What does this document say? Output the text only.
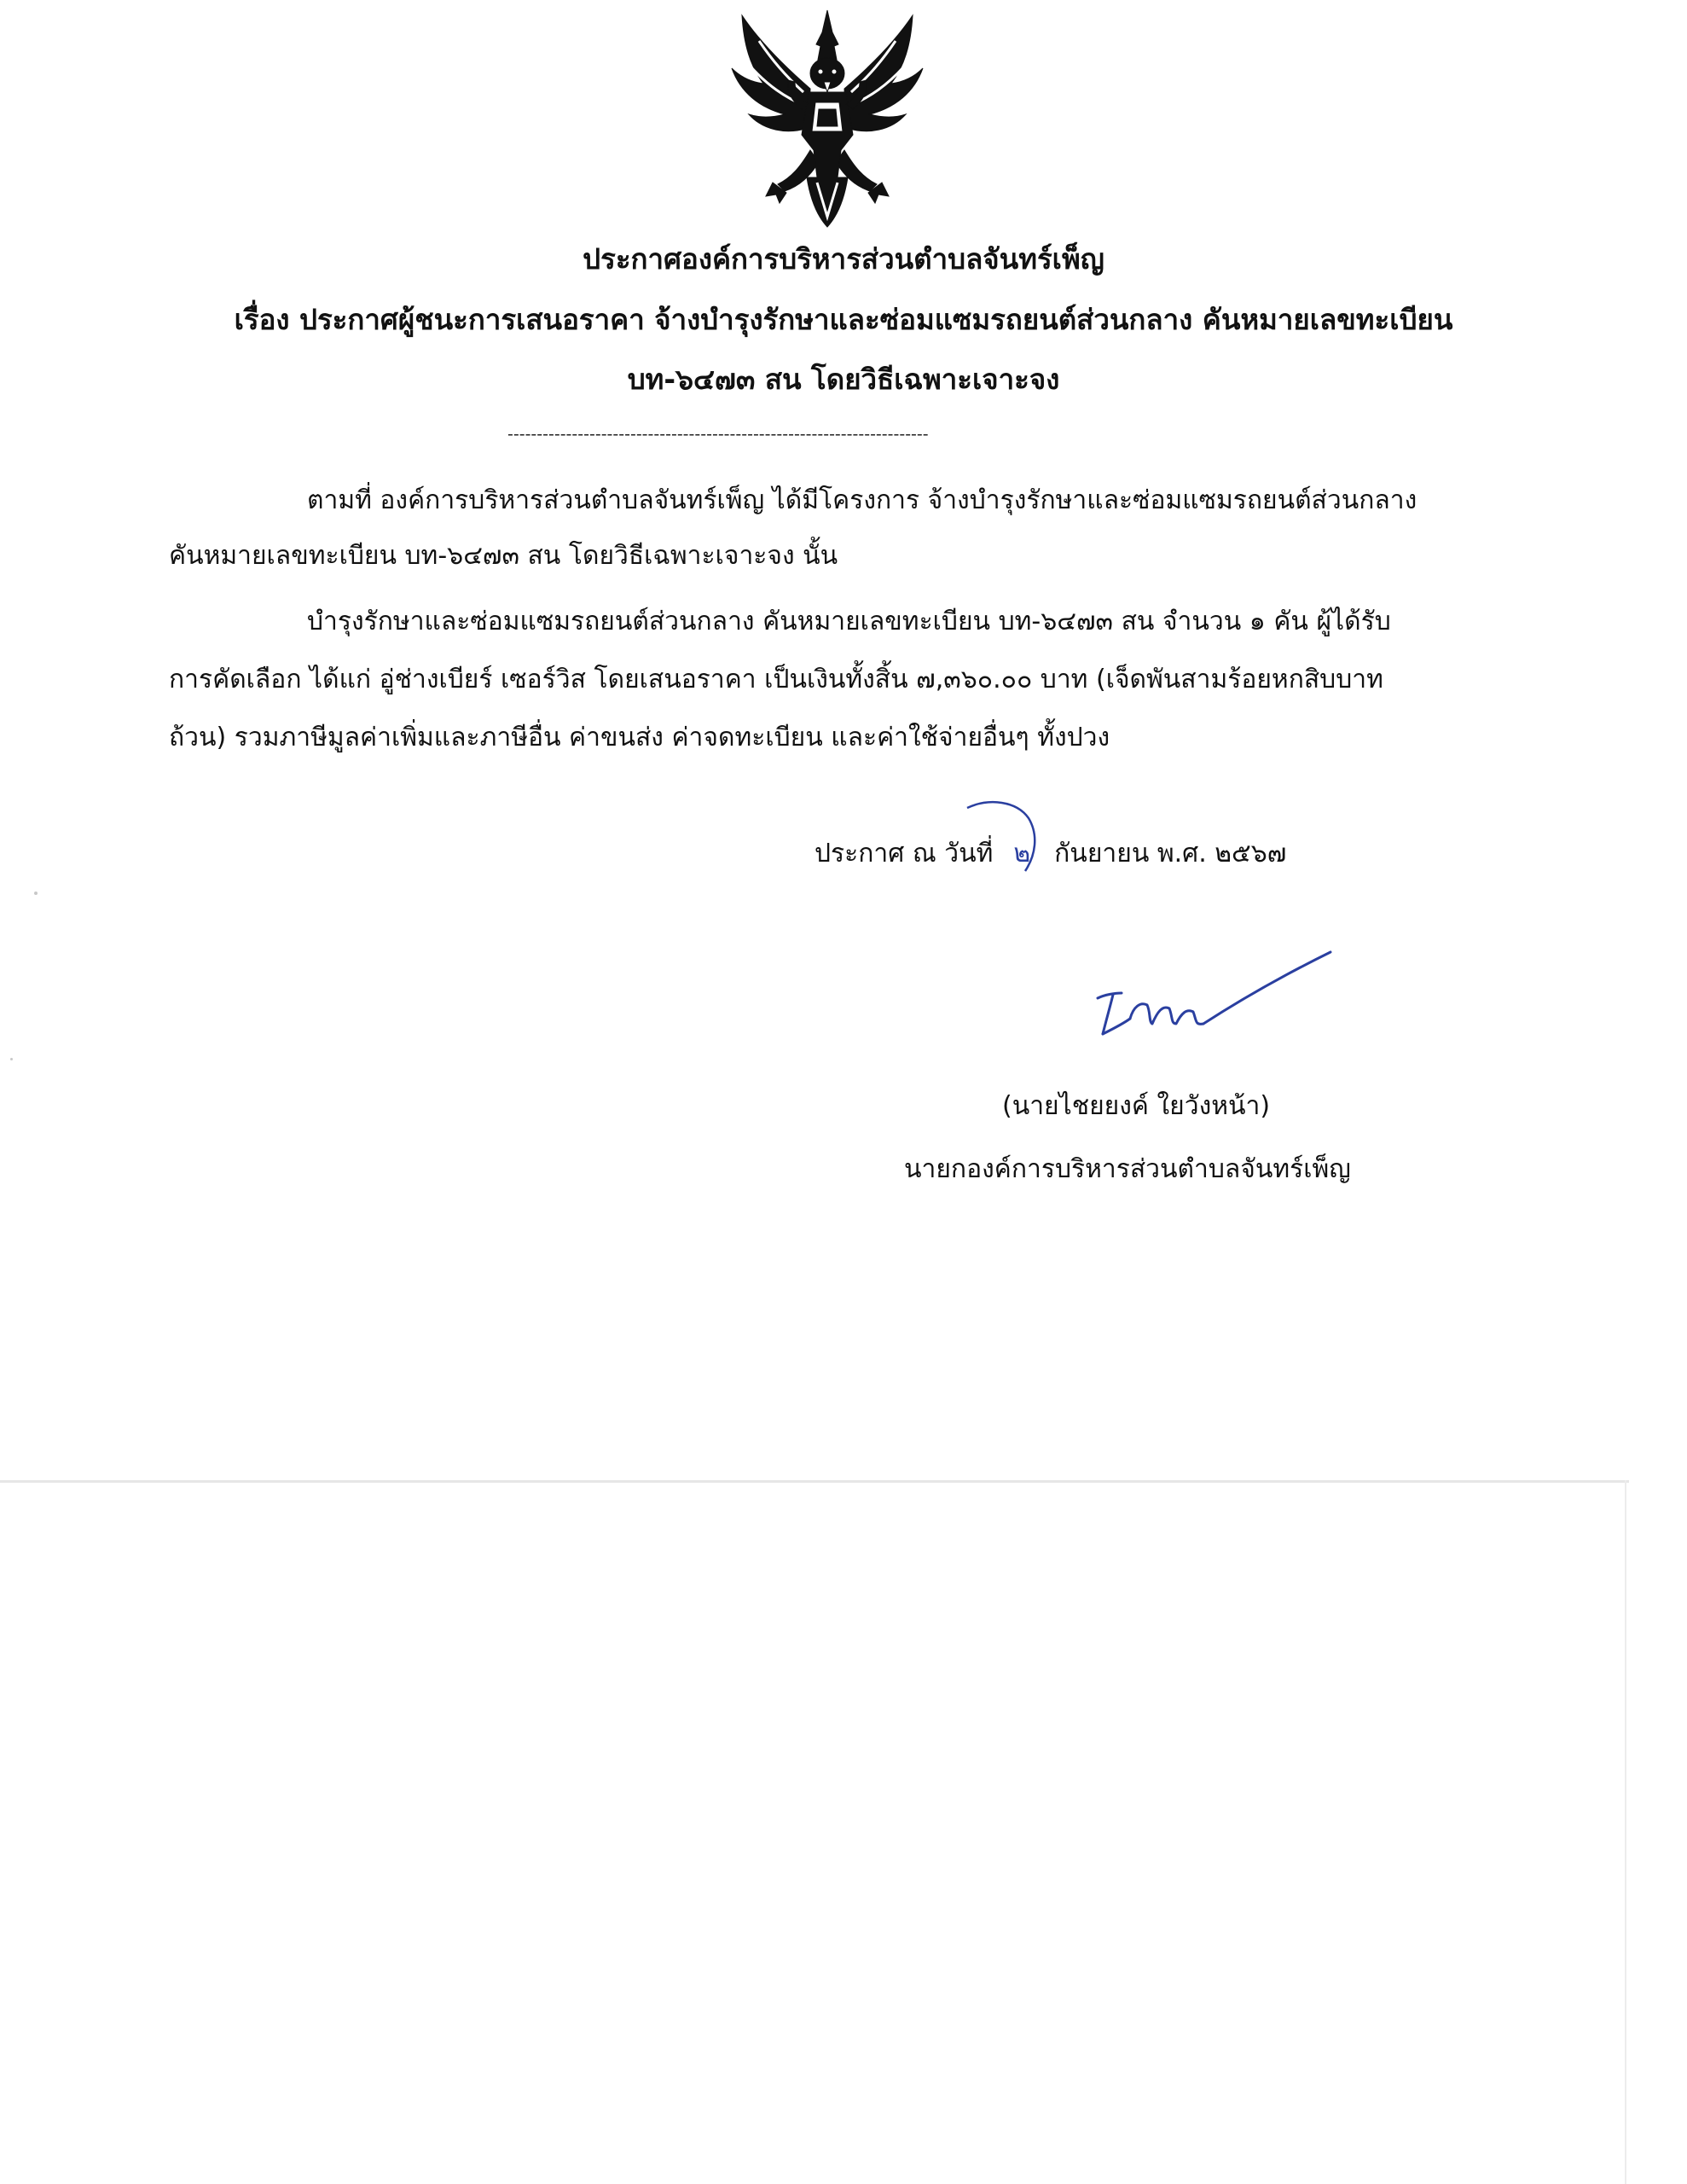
ประกาศองค์การบริหารส่วนตำบลจันทร์เพ็ญ
เรื่อง ประกาศผู้ชนะการเสนอราคา จ้างบำรุงรักษาและซ่อมแซมรถยนต์ส่วนกลาง คันหมายเลขทะเบียน
บท-๖๔๗๓ สน โดยวิธีเฉพาะเจาะจง
------------------------------------------------------------------------
ตามที่ องค์การบริหารส่วนตำบลจันทร์เพ็ญ ได้มีโครงการ จ้างบำรุงรักษาและซ่อมแซมรถยนต์ส่วนกลาง
คันหมายเลขทะเบียน บท-๖๔๗๓ สน โดยวิธีเฉพาะเจาะจง นั้น
บำรุงรักษาและซ่อมแซมรถยนต์ส่วนกลาง คันหมายเลขทะเบียน บท-๖๔๗๓ สน จำนวน ๑ คัน ผู้ได้รับ
การคัดเลือก ได้แก่ อู่ช่างเบียร์ เซอร์วิส โดยเสนอราคา เป็นเงินทั้งสิ้น ๗,๓๖๐.๐๐ บาท (เจ็ดพันสามร้อยหกสิบบาท
ถ้วน) รวมภาษีมูลค่าเพิ่มและภาษีอื่น ค่าขนส่ง ค่าจดทะเบียน และค่าใช้จ่ายอื่นๆ ทั้งปวง
ประกาศ ณ วันที่ ๒ กันยายน พ.ศ. ๒๕๖๗
(นายไชยยงค์ ใยวังหน้า)
นายกองค์การบริหารส่วนตำบลจันทร์เพ็ญ
